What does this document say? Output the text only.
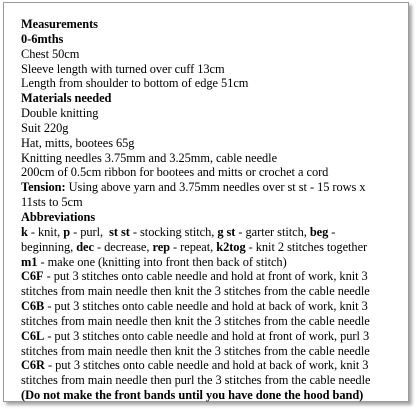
Measurements
0-6mths
Chest 50cm
Sleeve length with turned over cuff 13cm
Length from shoulder to bottom of edge 51cm
Materials needed
Double knitting
Suit 220g
Hat, mitts, bootees 65g
Knitting needles 3.75mm and 3.25mm, cable needle
200cm of 0.5cm ribbon for bootees and mitts or crochet a cord
Tension: Using above yarn and 3.75mm needles over st st - 15 rows x
11sts to 5cm
Abbreviations
k - knit, p - purl,  st st - stocking stitch, g st - garter stitch, beg -
beginning, dec - decrease, rep - repeat, k2tog - knit 2 stitches together
m1 - make one (knitting into front then back of stitch)
C6F - put 3 stitches onto cable needle and hold at front of work, knit 3
stitches from main needle then knit the 3 stitches from the cable needle
C6B - put 3 stitches onto cable needle and hold at back of work, knit 3
stitches from main needle then knit the 3 stitches from the cable needle
C6L - put 3 stitches onto cable needle and hold at front of work, purl 3
stitches from main needle then knit the 3 stitches from the cable needle
C6R - put 3 stitches onto cable needle and hold at back of work, knit 3
stitches from main needle then purl the 3 stitches from the cable needle
(Do not make the front bands until you have done the hood band)
